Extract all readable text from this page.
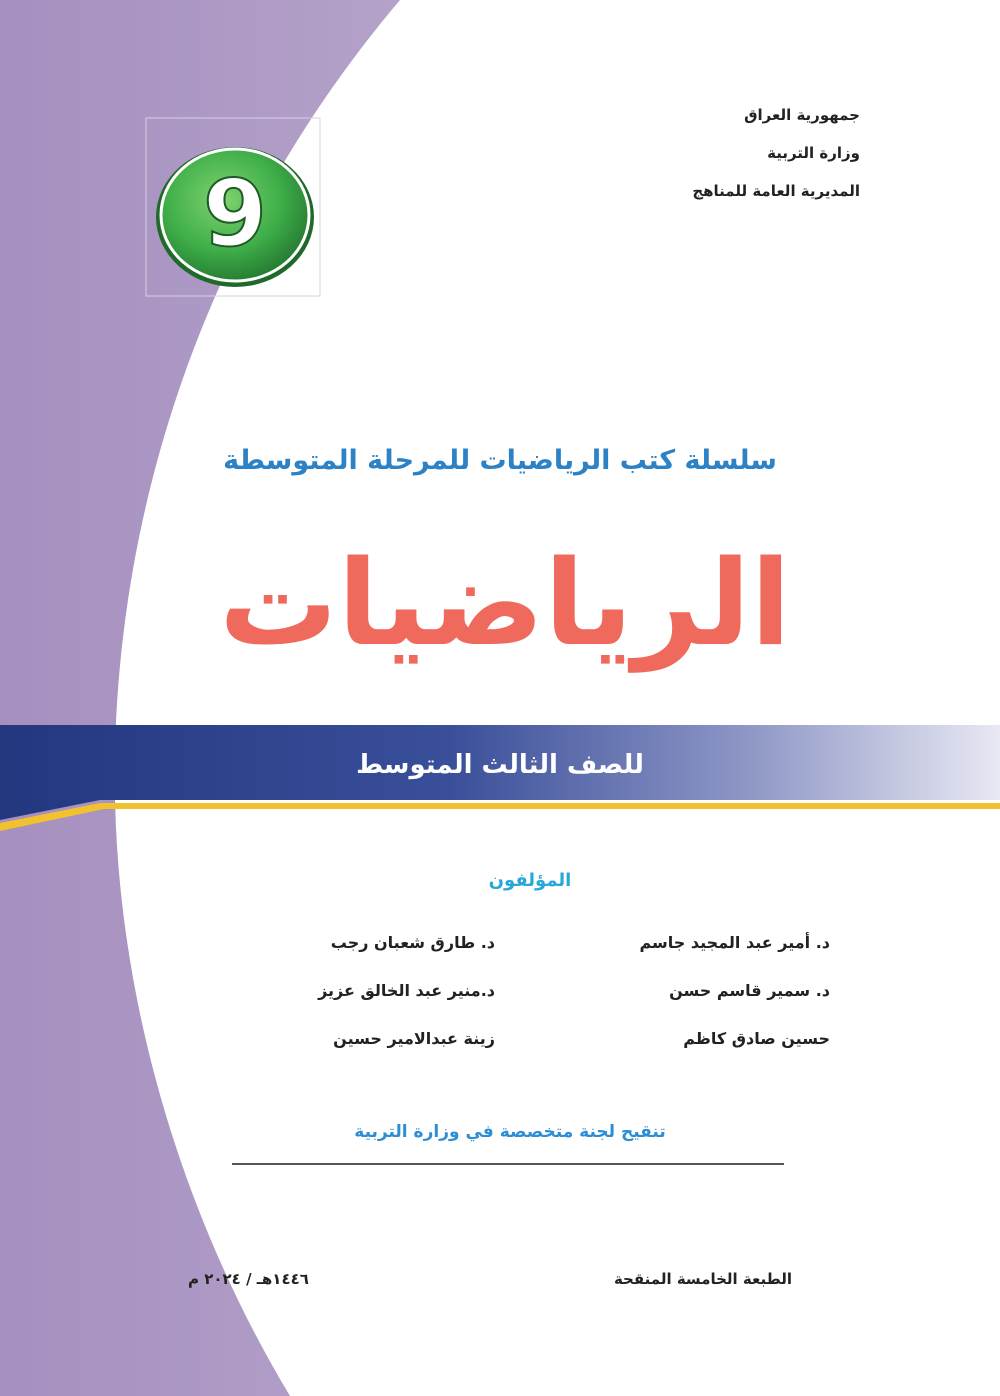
9
جمهورية العراق
وزارة التربية
المديرية العامة للمناهج
سلسلة كتب الرياضيات للمرحلة المتوسطة
الرياضيات
للصف الثالث المتوسط
المؤلفون
د. أمير عبد المجيد جاسم
د. طارق شعبان رجب
د. سمير قاسم حسن
د.منير عبد الخالق عزيز
حسين صادق كاظم
زينة عبدالامير حسين
تنقيح لجنة متخصصة في وزارة التربية
الطبعة الخامسة المنقحة
١٤٤٦هـ / ٢٠٢٤ م
